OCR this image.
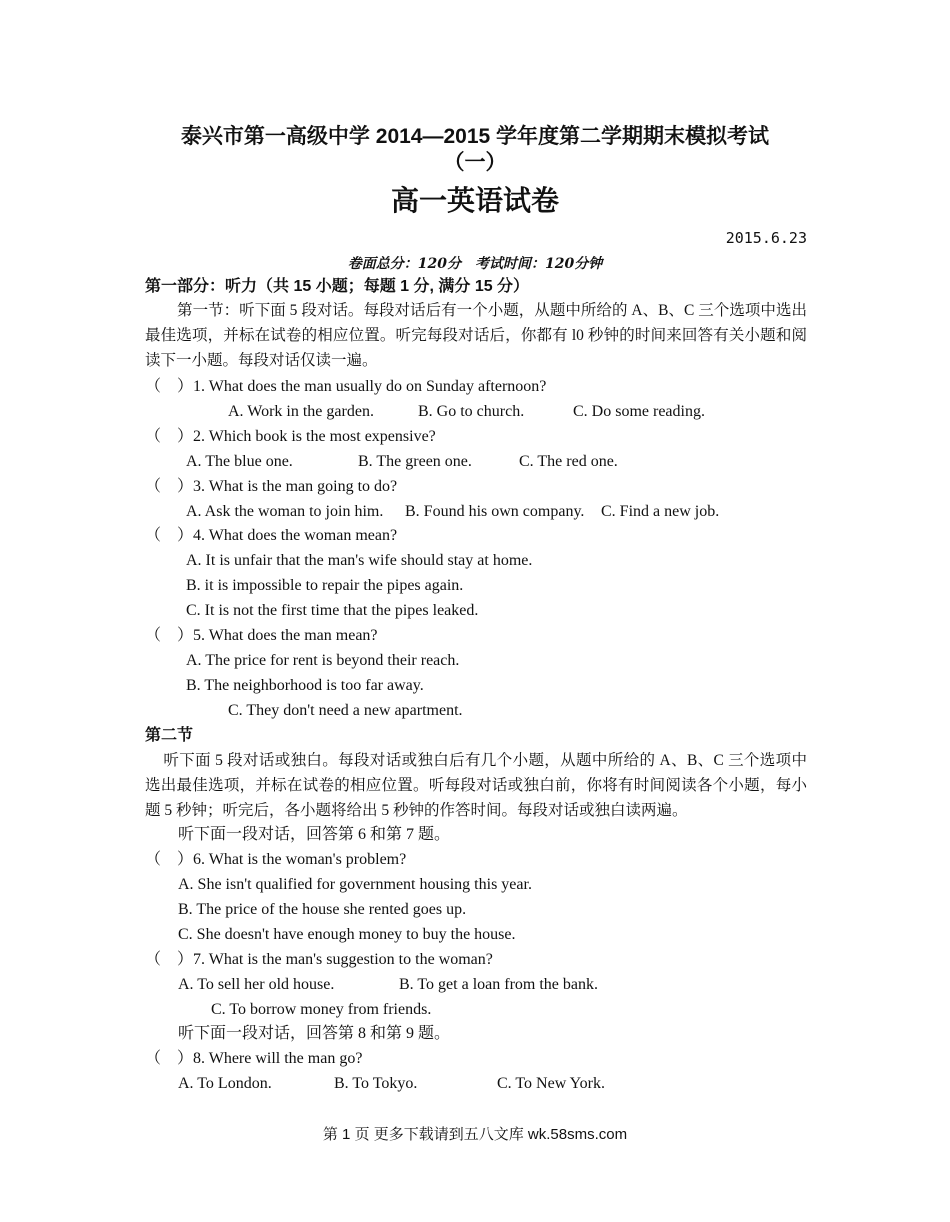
泰兴市第一高级中学 2014—2015 学年度第二学期期末模拟考试
（一）
高一英语试卷
2015.6.23
卷面总分：120分　考试时间：120分钟
第一部分：听力（共 15 小题；每题 1 分, 满分 15 分）
第一节：听下面 5 段对话。每段对话后有一个小题，从题中所给的 A、B、C 三个选项中选出最佳选项，并标在试卷的相应位置。听完每段对话后，你都有 l0 秒钟的时间来回答有关小题和阅读下一小题。每段对话仅读一遍。
（　）1. What does the man usually do on Sunday afternoon?
A. Work in the garden.	B. Go to church.	C. Do some reading.
（　）2. Which book is the most expensive?
A. The blue one.	B. The green one.	C. The red one.
（　）3. What is the man going to do?
A. Ask the woman to join him. B. Found his own company. C. Find a new job.
（　）4. What does the woman mean?
A. It is unfair that the man's wife should stay at home.
B. it is impossible to repair the pipes again.
C. It is not the first time that the pipes leaked.
（　）5. What does the man mean?
A. The price for rent is beyond their reach.
B. The neighborhood is too far away.
C. They don't need a new apartment.
第二节
听下面 5 段对话或独白。每段对话或独白后有几个小题，从题中所给的 A、B、C 三个选项中选出最佳选项，并标在试卷的相应位置。听每段对话或独白前，你将有时间阅读各个小题，每小题 5 秒钟；听完后，各小题将给出 5 秒钟的作答时间。每段对话或独白读两遍。
听下面一段对话，回答第 6 和第 7 题。
（　）6. What is the woman's problem?
A. She isn't qualified for government housing this year.
B. The price of the house she rented goes up.
C. She doesn't have enough money to buy the house.
（　）7. What is the man's suggestion to the woman?
A. To sell her old house.	B. To get a loan from the bank.
C. To borrow money from friends.
听下面一段对话，回答第 8 和第 9 题。
（　）8. Where will the man go?
A. To London.	B. To Tokyo.	C. To New York.
第 1 页 更多下载请到五八文库 wk.58sms.com
